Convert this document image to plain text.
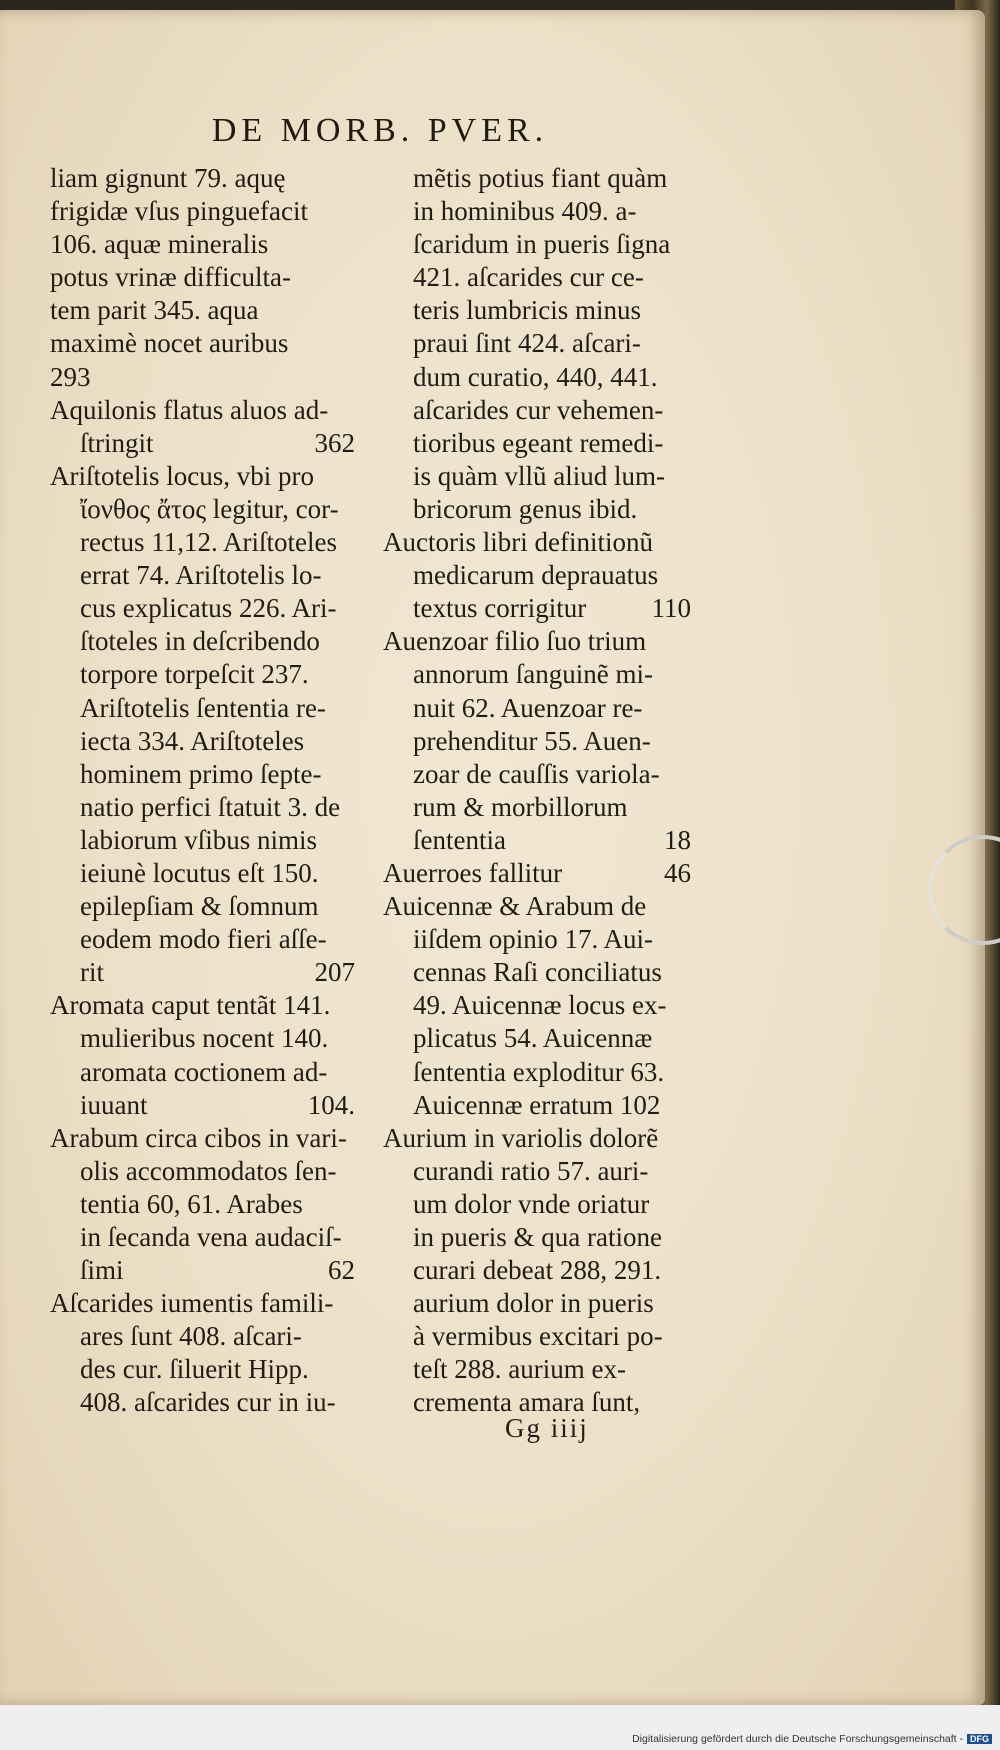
DE MORB. PVER.
liam gignunt 79. aquę
frigidæ vſus pinguefacit
106. aquæ mineralis
potus vrinæ difficulta-
tem parit 345. aqua
maximè nocet auribus
293
Aquilonis flatus aluos ad-
ſtringit	362
Ariſtotelis locus, vbi pro
ἴονθος ἄτος legitur, cor-
rectus 11,12. Ariſtoteles
errat 74. Ariſtotelis lo-
cus explicatus 226. Ari-
ſtoteles in deſcribendo
torpore torpeſcit 237.
Ariſtotelis ſententia re-
iecta 334. Ariſtoteles
hominem primo ſepte-
natio perfici ſtatuit 3. de
labiorum vſibus nimis
ieiunè locutus eſt 150.
epilepſiam & ſomnum
eodem modo fieri aſſe-
rit	207
Aromata caput tentãt 141.
mulieribus nocent 140.
aromata coctionem ad-
iuuant	104.
Arabum circa cibos in vari-
olis accommodatos ſen-
tentia 60, 61. Arabes
in ſecanda vena audaciſ-
ſimi	62
Aſcarides iumentis famili-
ares ſunt 408. aſcari-
des cur. ſiluerit Hipp.
408. aſcarides cur in iu-
mẽtis potius fiant quàm
in hominibus 409. a-
ſcaridum in pueris ſigna
421. aſcarides cur ce-
teris lumbricis minus
praui ſint 424. aſcari-
dum curatio, 440, 441.
aſcarides cur vehemen-
tioribus egeant remedi-
is quàm vllũ aliud lum-
bricorum genus ibid.
Auctoris libri definitionũ
medicarum deprauatus
textus corrigitur 110
Auenzoar filio ſuo trium
annorum ſanguinẽ mi-
nuit 62. Auenzoar re-
prehenditur 55. Auen-
zoar de cauſſis variola-
rum & morbillorum
ſententia	18
Auerroes fallitur	46
Auicennæ & Arabum de
iiſdem opinio 17. Aui-
cennas Raſi conciliatus
49. Auicennæ locus ex-
plicatus 54. Auicennæ
ſententia exploditur 63.
Auicennæ erratum 102
Aurium in variolis dolorẽ
curandi ratio 57. auri-
um dolor vnde oriatur
in pueris & qua ratione
curari debeat 288, 291.
aurium dolor in pueris
à vermibus excitari po-
teſt 288. aurium ex-
crementa amara ſunt,
Gg iiij
Digitalisierung gefördert durch die Deutsche Forschungsgemeinschaft - DFG
